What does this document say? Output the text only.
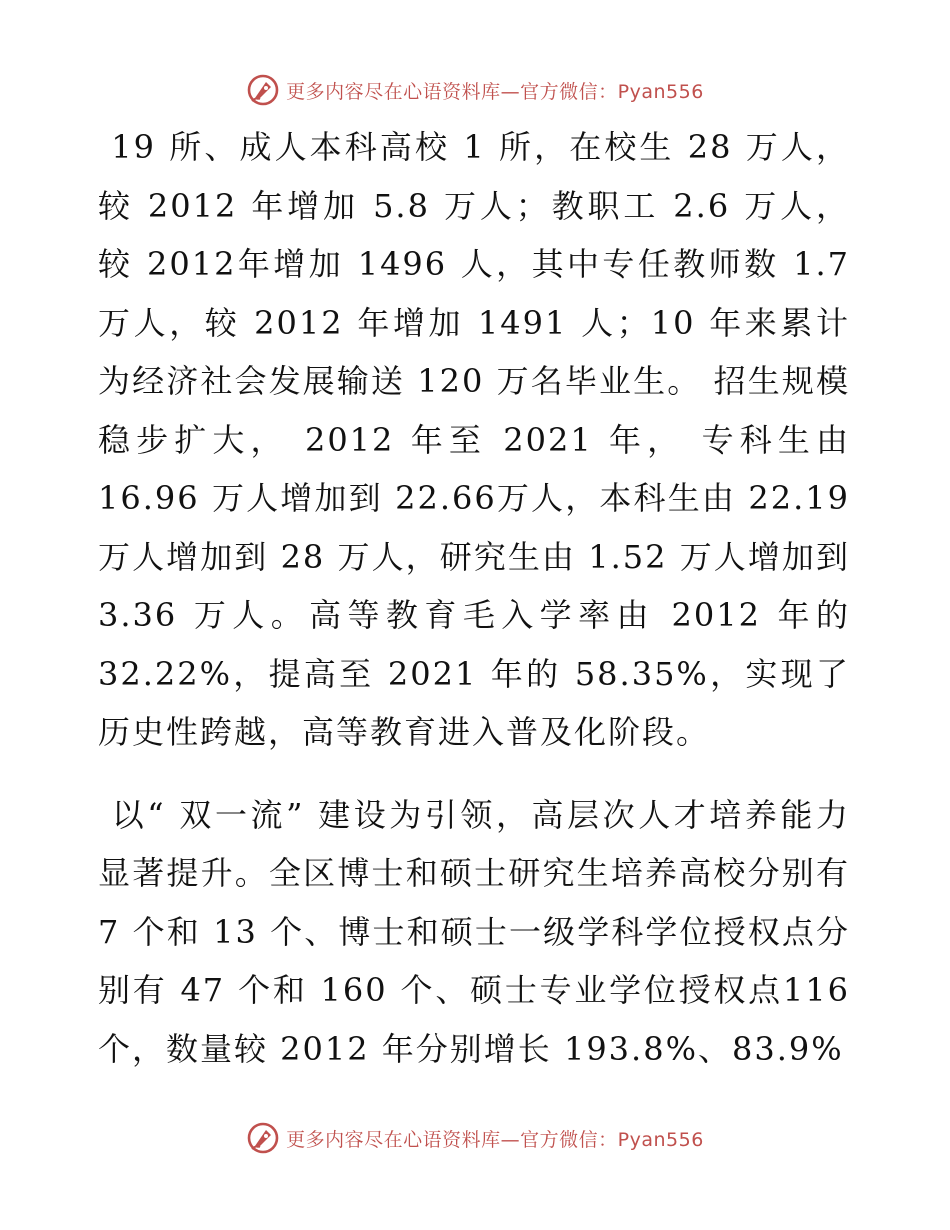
更多内容尽在心语资料库—官方微信：Pyan556

19 所、成人本科高校 1 所，在校生 28 万人，较 2012 年增加 5.8 万人；教职工 2.6 万人，较 2012年增加 1496 人，其中专任教师数 1.7 万人，较 2012 年增加 1491 人；10 年来累计为经济社会发展输送 120 万名毕业生。 招生规模稳步扩大， 2012 年至 2021 年， 专科生由 16.96 万人增加到 22.66万人，本科生由 22.19 万人增加到 28 万人，研究生由 1.52 万人增加到 3.36 万人。高等教育毛入学率由 2012 年的 32.22%，提高至 2021 年的 58.35%，实现了历史性跨越，高等教育进入普及化阶段。

以“ 双一流” 建设为引领，高层次人才培养能力显著提升。全区博士和硕士研究生培养高校分别有 7 个和 13 个、博士和硕士一级学科学位授权点分别有 47 个和 160 个、硕士专业学位授权点116 个，数量较 2012 年分别增长 193.8%、83.9%

更多内容尽在心语资料库—官方微信：Pyan556
